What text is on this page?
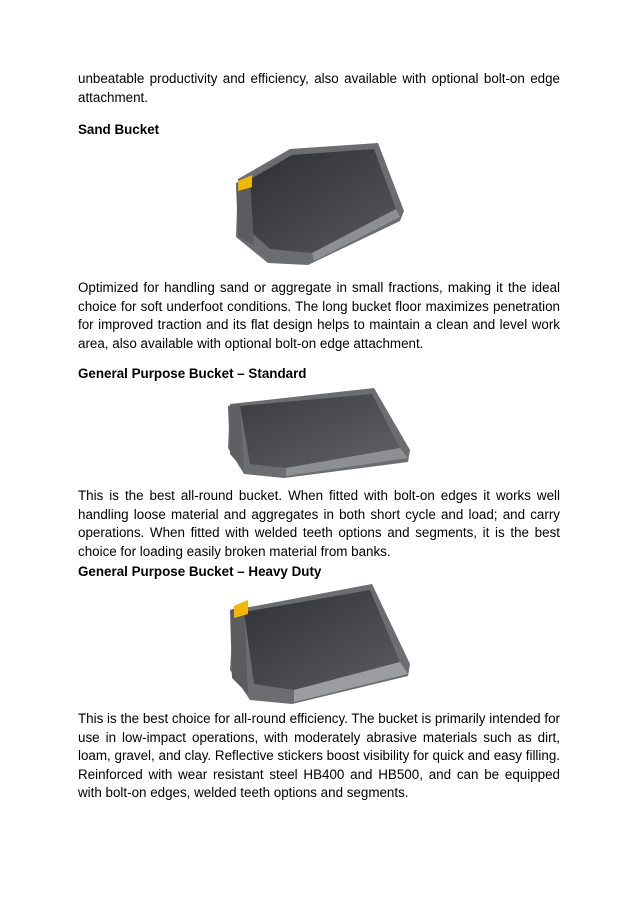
unbeatable productivity and efficiency, also available with optional bolt-on edge attachment.

Sand Bucket

Optimized for handling sand or aggregate in small fractions, making it the ideal choice for soft underfoot conditions. The long bucket floor maximizes penetration for improved traction and its flat design helps to maintain a clean and level work area, also available with optional bolt-on edge attachment.

General Purpose Bucket – Standard

This is the best all-round bucket. When fitted with bolt-on edges it works well handling loose material and aggregates in both short cycle and load; and carry operations. When fitted with welded teeth options and segments, it is the best choice for loading easily broken material from banks.

General Purpose Bucket – Heavy Duty

This is the best choice for all-round efficiency. The bucket is primarily intended for use in low-impact operations, with moderately abrasive materials such as dirt, loam, gravel, and clay. Reflective stickers boost visibility for quick and easy filling. Reinforced with wear resistant steel HB400 and HB500, and can be equipped with bolt-on edges, welded teeth options and segments.
